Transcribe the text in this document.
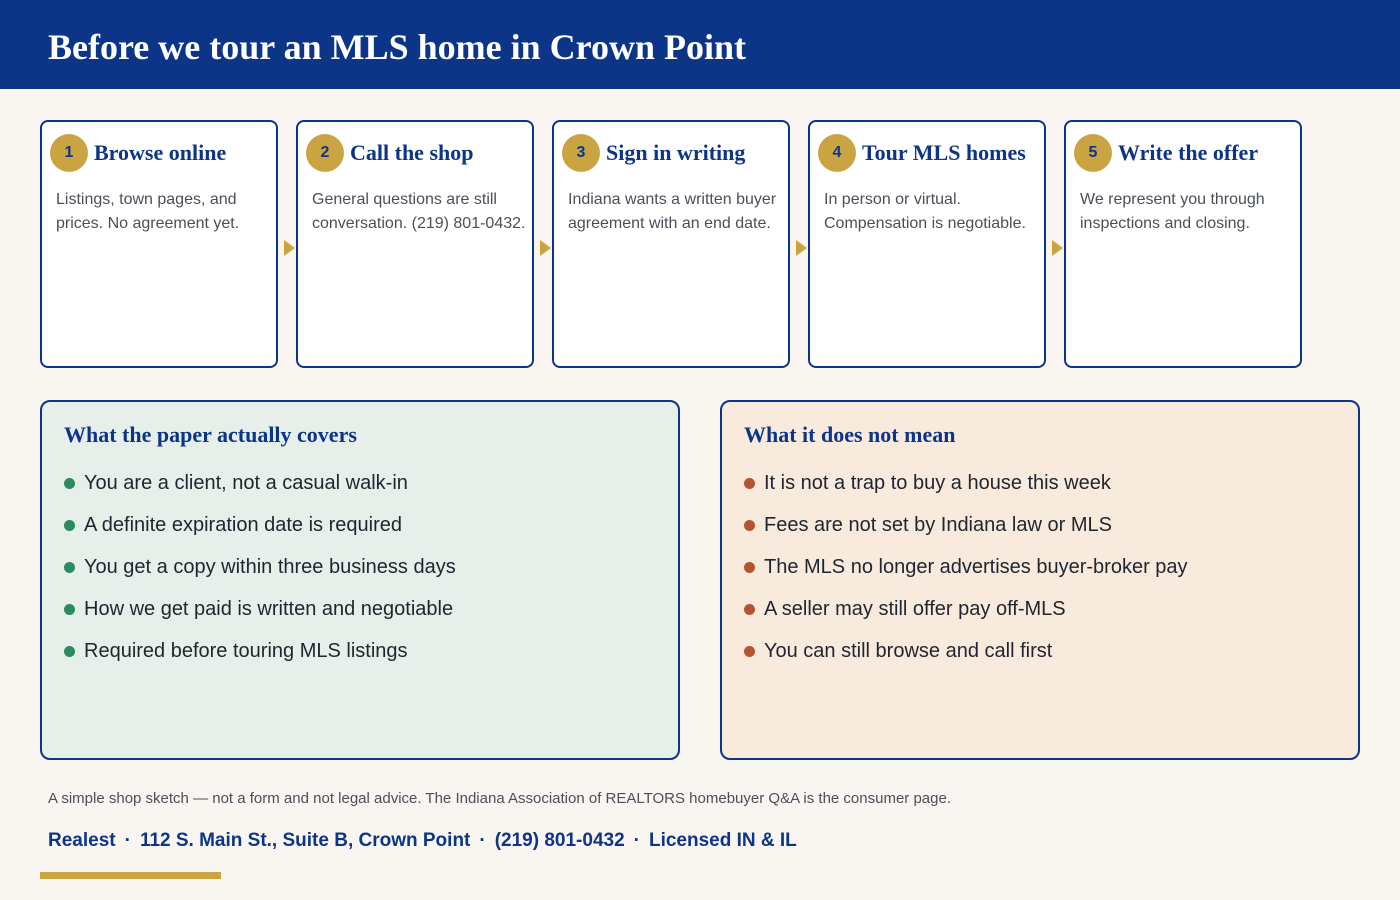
Before we tour an MLS home in Crown Point
1 Browse online
Listings, town pages, and prices. No agreement yet.
2 Call the shop
General questions are still conversation. (219) 801-0432.
3 Sign in writing
Indiana wants a written buyer agreement with an end date.
4 Tour MLS homes
In person or virtual. Compensation is negotiable.
5 Write the offer
We represent you through inspections and closing.
What the paper actually covers
You are a client, not a casual walk-in
A definite expiration date is required
You get a copy within three business days
How we get paid is written and negotiable
Required before touring MLS listings
What it does not mean
It is not a trap to buy a house this week
Fees are not set by Indiana law or MLS
The MLS no longer advertises buyer-broker pay
A seller may still offer pay off-MLS
You can still browse and call first
A simple shop sketch — not a form and not legal advice. The Indiana Association of REALTORS homebuyer Q&A is the consumer page.
Realest · 112 S. Main St., Suite B, Crown Point · (219) 801-0432 · Licensed IN & IL
